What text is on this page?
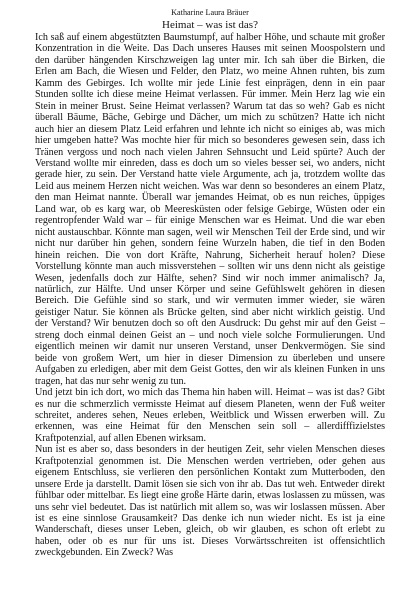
Katharine Laura Bräuer
Heimat – was ist das?

Ich saß auf einem abgestützten Baumstumpf, auf halber Höhe, und schaute mit großer Konzentration in die Weite. Das Dach unseres Hauses mit seinen Moospolstern und den darüber hängenden Kirschzweigen lag unter mir. Ich sah über die Birken, die Erlen am Bach, die Wiesen und Felder, den Platz, wo meine Ahnen ruhten, bis zum Kamm des Gebirges. Ich wollte mir jede Linie fest einprägen, denn in ein paar Stunden sollte ich diese meine Heimat verlassen. Für immer. Mein Herz lag wie ein Stein in meiner Brust. Seine Heimat verlassen? Warum tat das so weh? Gab es nicht überall Bäume, Bäche, Gebirge und Dächer, um mich zu schützen? Hatte ich nicht auch hier an diesem Platz Leid erfahren und lehnte ich nicht so einiges ab, was mich hier umgeben hatte? Was mochte hier für mich so besonderes gewesen sein, dass ich Tränen vergoss und noch nach vielen Jahren Sehnsucht und Leid spürte? Auch der Verstand wollte mir einreden, dass es doch um so vieles besser sei, wo anders, nicht gerade hier, zu sein. Der Verstand hatte viele Argumente, ach ja, trotzdem wollte das Leid aus meinem Herzen nicht weichen. Was war denn so besonderes an einem Platz, den man Heimat nannte. Überall war jemandes Heimat, ob es nun reiches, üppiges Land war, ob es karg war, ob Meeresküsten oder felsige Gebirge, Wüsten oder ein regentropfender Wald war – für einige Menschen war es Heimat. Und die war eben nicht austauschbar. Könnte man sagen, weil wir Menschen Teil der Erde sind, und wir nicht nur darüber hin gehen, sondern feine Wurzeln haben, die tief in den Boden hinein reichen. Die von dort Kräfte, Nahrung, Sicherheit herauf holen? Diese Vorstellung könnte man auch missverstehen – sollten wir uns denn nicht als geistige Wesen, jedenfalls doch zur Hälfte, sehen? Sind wir noch immer animalisch? Ja, natürlich, zur Hälfte. Und unser Körper und seine Gefühlswelt gehören in diesen Bereich. Die Gefühle sind so stark, und wir vermuten immer wieder, sie wären geistiger Natur. Sie können als Brücke gelten, sind aber nicht wirklich geistig. Und der Verstand? Wir benutzen doch so oft den Ausdruck: Du gehst mir auf den Geist – streng doch einmal deinen Geist an – und noch viele solche Formulierungen. Und eigentlich meinen wir damit nur unseren Verstand, unser Denkvermögen. Sie sind beide von großem Wert, um hier in dieser Dimension zu überleben und unsere Aufgaben zu erledigen, aber mit dem Geist Gottes, den wir als kleinen Funken in uns tragen, hat das nur sehr wenig zu tun.

Und jetzt bin ich dort, wo mich das Thema hin haben will. Heimat – was ist das? Gibt es nur die schmerzlich vermisste Heimat auf diesem Planeten, wenn der Fuß weiter schreitet, anderes sehen, Neues erleben, Weitblick und Wissen erwerben will. Zu erkennen, was eine Heimat für den Menschen sein soll – allerdifffizielstes Kraftpotenzial, auf allen Ebenen wirksam.

Nun ist es aber so, dass besonders in der heutigen Zeit, sehr vielen Menschen dieses Kraftpotenzial genommen ist. Die Menschen werden vertrieben, oder gehen aus eigenem Entschluss, sie verlieren den persönlichen Kontakt zum Mutterboden, den unsere Erde ja darstellt. Damit lösen sie sich von ihr ab. Das tut weh. Entweder direkt fühlbar oder mittelbar. Es liegt eine große Härte darin, etwas loslassen zu müssen, was uns sehr viel bedeutet. Das ist natürlich mit allem so, was wir loslassen müssen. Aber ist es eine sinnlose Grausamkeit? Das denke ich nun wieder nicht. Es ist ja eine Wanderschaft, dieses unser Leben, gleich, ob wir glauben, es schon oft erlebt zu haben, oder ob es nur für uns ist. Dieses Vorwärtsschreiten ist offensichtlich zweckgebunden. Ein Zweck? Was
